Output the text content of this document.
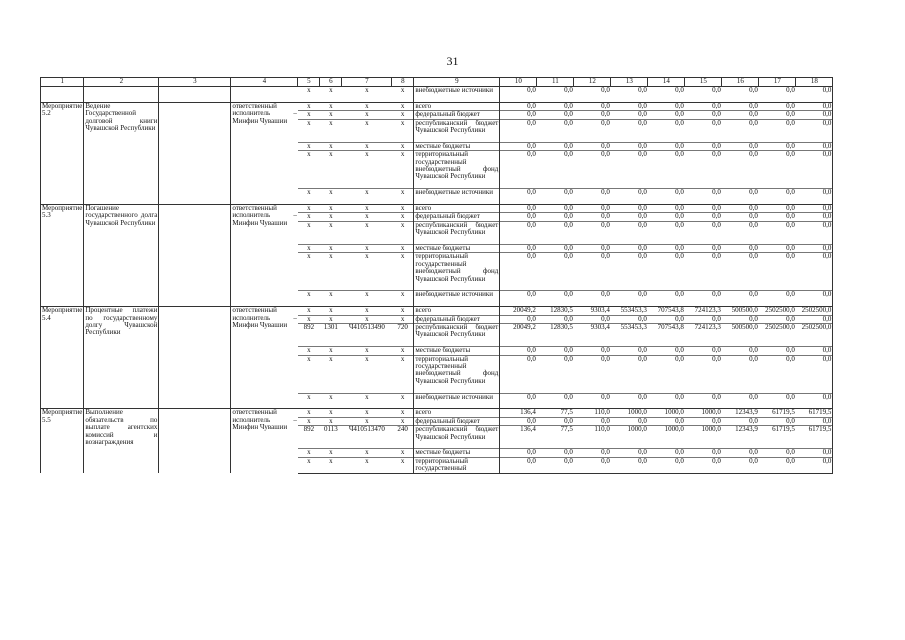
31
1	2	3	4	5	6	7	8	9	10	11	12	13	14	15	16	17	18
				х	х	х	х	внебюджетные источники	0,0	0,0	0,0	0,0	0,0	0,0	0,0	0,0	0,0
Мероприятие 5.2	Ведение Государственной долговой книги Чувашской Республики		ответственный исполнитель – Минфин Чувашии	х	х	х	х	всего	0,0	0,0	0,0	0,0	0,0	0,0	0,0	0,0	0,0
				х	х	х	х	федеральный бюджет	0,0	0,0	0,0	0,0	0,0	0,0	0,0	0,0	0,0
				х	х	х	х	республиканский бюджет Чувашской Республики	0,0	0,0	0,0	0,0	0,0	0,0	0,0	0,0	0,0
				х	х	х	х	местные бюджеты	0,0	0,0	0,0	0,0	0,0	0,0	0,0	0,0	0,0
				х	х	х	х	территориальный государственный внебюджетный фонд Чувашской Республики	0,0	0,0	0,0	0,0	0,0	0,0	0,0	0,0	0,0
				х	х	х	х	внебюджетные источники	0,0	0,0	0,0	0,0	0,0	0,0	0,0	0,0	0,0
Мероприятие 5.3	Погашение государственного долга Чувашской Республики		ответственный исполнитель – Минфин Чувашии	х	х	х	х	всего	0,0	0,0	0,0	0,0	0,0	0,0	0,0	0,0	0,0
				х	х	х	х	федеральный бюджет	0,0	0,0	0,0	0,0	0,0	0,0	0,0	0,0	0,0
				х	х	х	х	республиканский бюджет Чувашской Республики	0,0	0,0	0,0	0,0	0,0	0,0	0,0	0,0	0,0
				х	х	х	х	местные бюджеты	0,0	0,0	0,0	0,0	0,0	0,0	0,0	0,0	0,0
				х	х	х	х	территориальный государственный внебюджетный фонд Чувашской Республики	0,0	0,0	0,0	0,0	0,0	0,0	0,0	0,0	0,0
				х	х	х	х	внебюджетные источники	0,0	0,0	0,0	0,0	0,0	0,0	0,0	0,0	0,0
Мероприятие 5.4	Процентные платежи по государственному долгу Чувашской Республики		ответственный исполнитель – Минфин Чувашии	х	х	х	х	всего	20049,2	12830,5	9303,4	553453,3	707543,8	724123,3	500500,0	2502500,0	2502500,0
				х	х	х	х	федеральный бюджет	0,0	0,0	0,0	0,0	0,0	0,0	0,0	0,0	0,0
				892	1301	Ч410513490	720	республиканский бюджет Чувашской Республики	20049,2	12830,5	9303,4	553453,3	707543,8	724123,3	500500,0	2502500,0	2502500,0
				х	х	х	х	местные бюджеты	0,0	0,0	0,0	0,0	0,0	0,0	0,0	0,0	0,0
				х	х	х	х	территориальный государственный внебюджетный фонд Чувашской Республики	0,0	0,0	0,0	0,0	0,0	0,0	0,0	0,0	0,0
				х	х	х	х	внебюджетные источники	0,0	0,0	0,0	0,0	0,0	0,0	0,0	0,0	0,0
Мероприятие 5.5	Выполнение обязательств по выплате агентских комиссий и вознаграждения		ответственный исполнитель – Минфин Чувашии	х	х	х	х	всего	136,4	77,5	110,0	1000,0	1000,0	1000,0	12343,9	61719,5	61719,5
				х	х	х	х	федеральный бюджет	0,0	0,0	0,0	0,0	0,0	0,0	0,0	0,0	0,0
				892	0113	Ч410513470	240	республиканский бюджет Чувашской Республики	136,4	77,5	110,0	1000,0	1000,0	1000,0	12343,9	61719,5	61719,5
				х	х	х	х	местные бюджеты	0,0	0,0	0,0	0,0	0,0	0,0	0,0	0,0	0,0
				х	х	х	х	территориальный государственный	0,0	0,0	0,0	0,0	0,0	0,0	0,0	0,0	0,0
